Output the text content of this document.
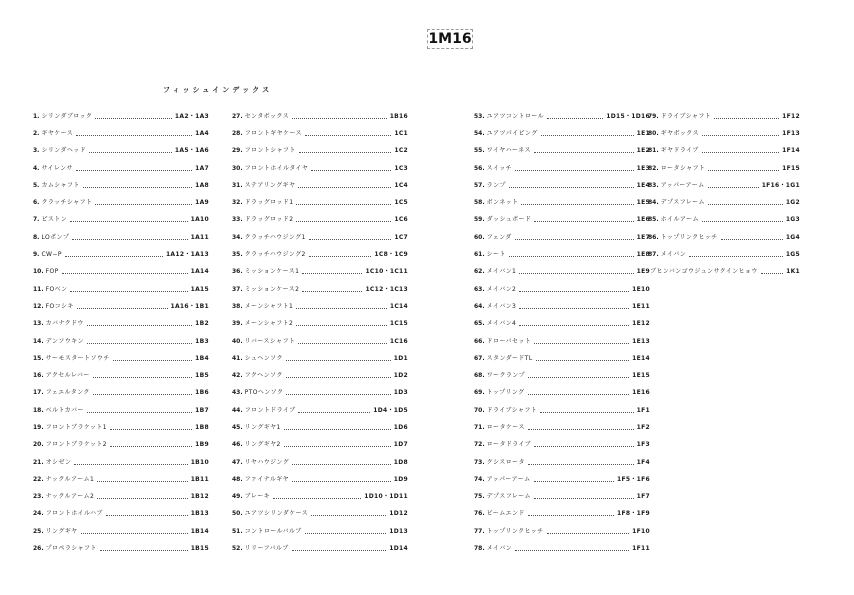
1M16
フィッシュインデックス
1. シリンダブロック	1A2・1A3
2. ギヤケース	1A4
3. シリンダヘッド	1A5・1A6
4. サイレンサ	1A7
5. カムシャフト	1A8
6. クラッチシャフト	1A9
7. ピストン	1A10
8. LOポンプ	1A11
9. CW−P	1A12・1A13
10. FOP	1A14
11. FOベン	1A15
12. FOコシキ	1A16・1B1
13. カバナクドウ	1B2
14. デンソウキン	1B3
15. サーモスタートソウチ	1B4
16. アクセルレバー	1B5
17. フェエルタンク	1B6
18. ベルトカバー	1B7
19. フロントブラケット1	1B8
20. フロントブラケット2	1B9
21. オシゼン	1B10
22. ナックルアーム1	1B11
23. ナックルアーム2	1B12
24. フロントホイルハブ	1B13
25. リングギヤ	1B14
26. プロペラシャフト	1B15
27. センタボックス	1B16
28. フロントギヤケース	1C1
29. フロントシャフト	1C2
30. フロントホイルタイヤ	1C3
31. ステアリングギヤ	1C4
32. ドラッグロッド1	1C5
33. ドラッグロッド2	1C6
34. クラッチハウジング1	1C7
35. クラッチハウジング2	1C8・1C9
36. ミッションケース1	1C10・1C11
37. ミッションケース2	1C12・1C13
38. メーンシャフト1	1C14
39. メーンシャフト2	1C15
40. リバースシャフト	1C16
41. シュヘンソク	1D1
42. フクヘンソク	1D2
43. PTOヘンソク	1D3
44. フロントドライブ	1D4・1D5
45. リングギヤ1	1D6
46. リングギヤ2	1D7
47. リヤハウジング	1D8
48. ファイナルギヤ	1D9
49. ブレーキ	1D10・1D11
50. ユアツシリンダケース	1D12
51. コントロールバルブ	1D13
52. リリーフバルブ	1D14
53. ユアツコントロール	1D15・1D16
54. ユアツパイピング	1E1
55. ワイヤハーネス	1E2
56. スイッチ	1E3
57. ランプ	1E4
58. ボンネット	1E5
59. ダッシュボード	1E6
60. フェンダ	1E7
61. シート	1E8
62. メイバン1	1E9
63. メイバン2	1E10
64. メイバン3	1E11
65. メイバン4	1E12
66. ドローバセット	1E13
67. スタンダードTL	1E14
68. ワークランプ	1E15
69. トップリング	1E16
70. ドライブシャフト	1F1
71. ロータケース	1F2
72. ロータドライブ	1F3
73. クシスロータ	1F4
74. アッパーアーム	1F5・1F6
75. デプスフレーム	1F7
76. ビームエンド	1F8・1F9
77. トップリンクヒッチ	1F10
78. メイバン	1F11
79. ドライブシャフト	1F12
80. ギヤボックス	1F13
81. ギヤドライブ	1F14
82. ロータシャフト	1F15
83. アッパーアーム	1F16・1G1
84. デプスフレーム	1G2
85. ホイルアーム	1G3
86. トップリンクヒッチ	1G4
87. メイバン	1G5
ブヒンバンゴウジュンサクインヒョウ	1K1
